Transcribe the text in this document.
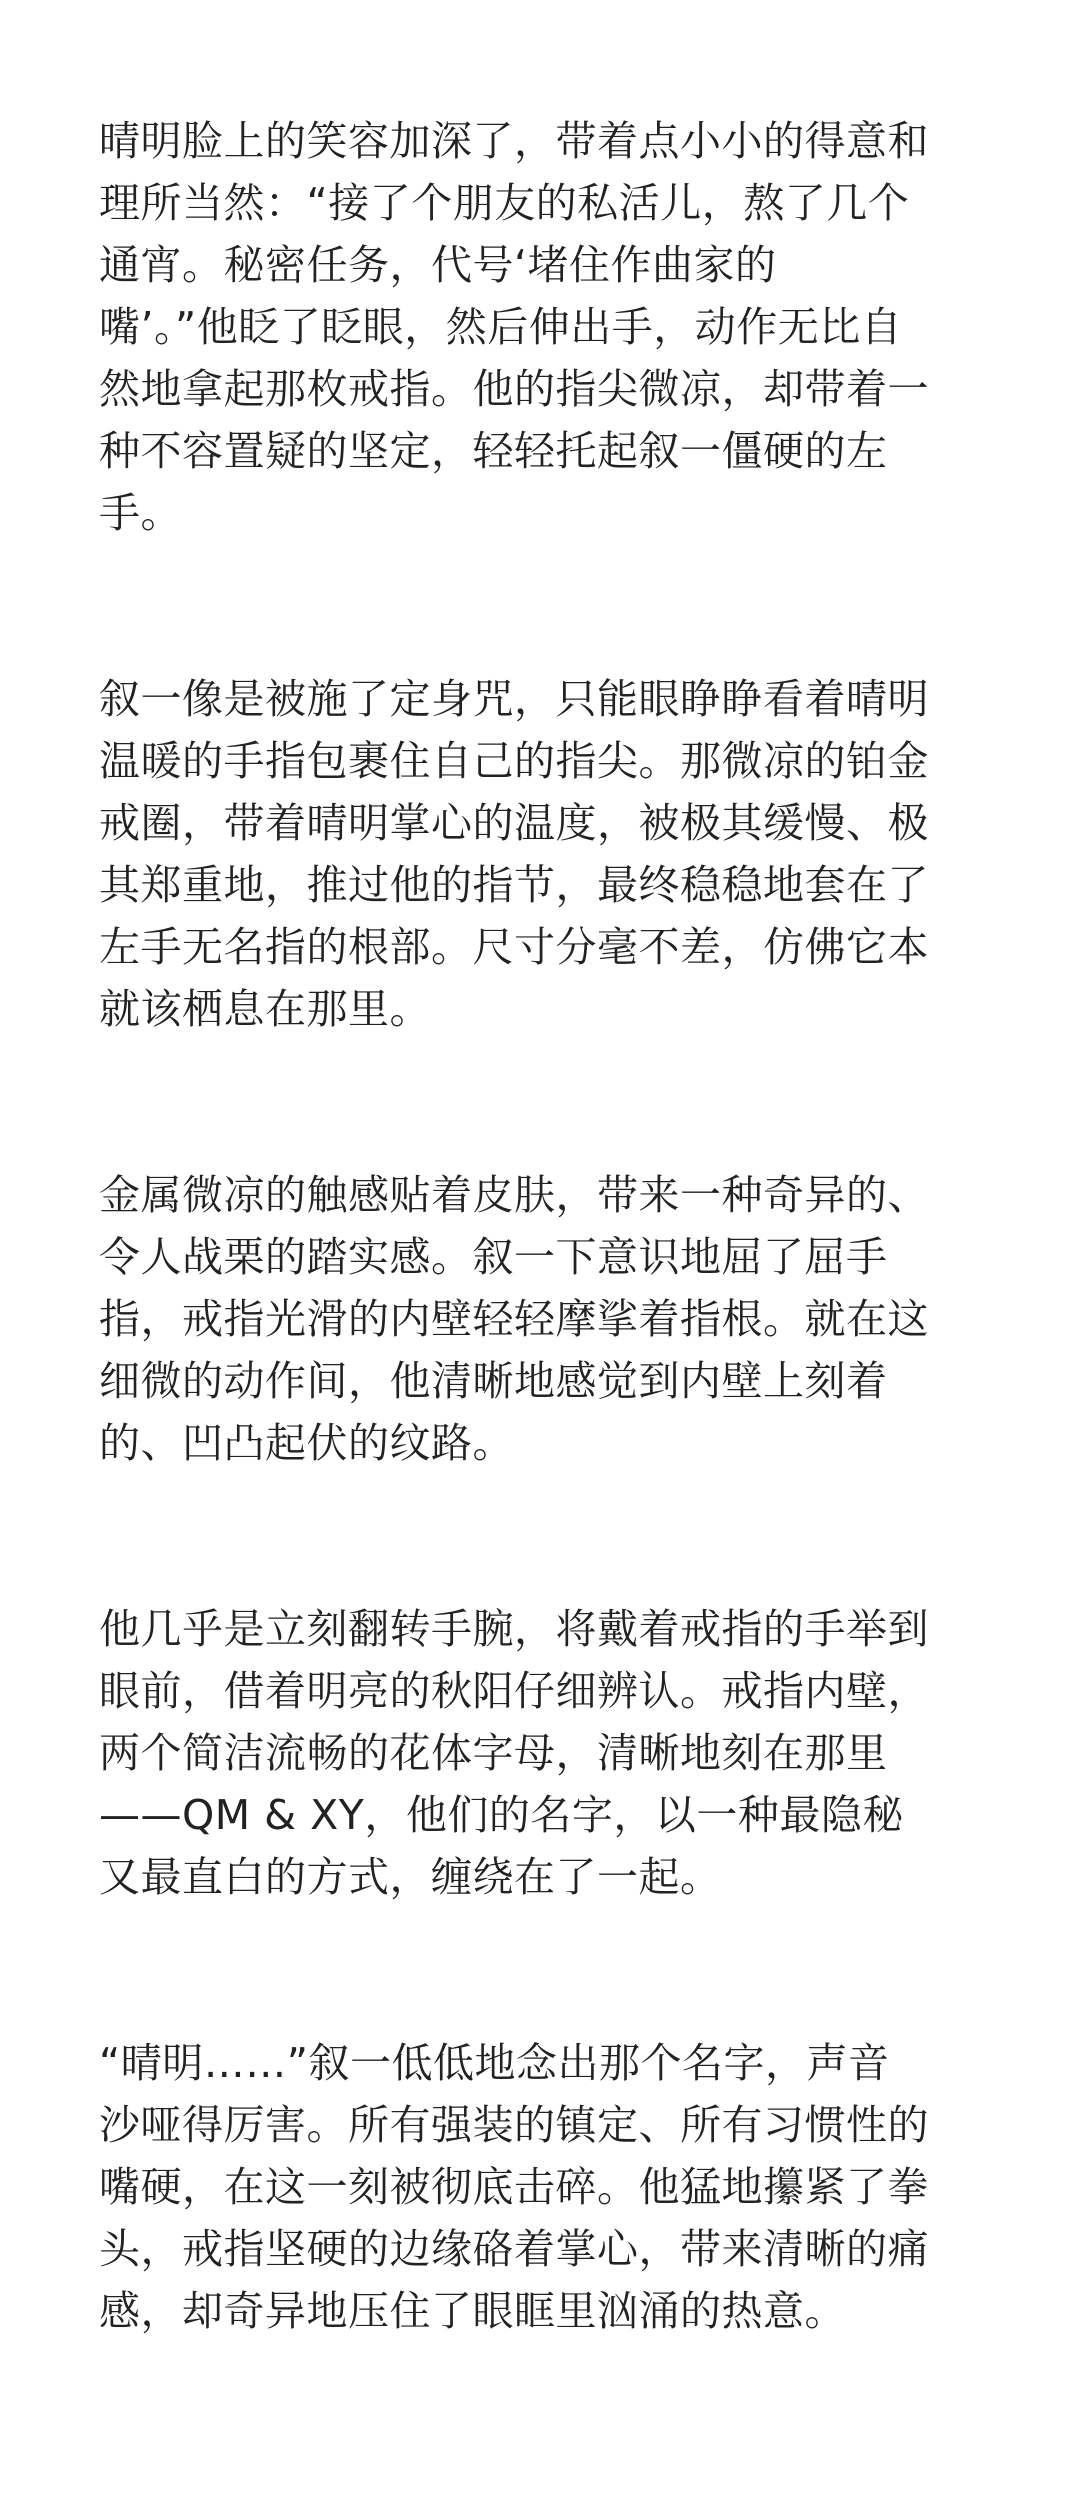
晴明脸上的笑容加深了，带着点小小的得意和
理所当然：“接了个朋友的私活儿，熬了几个
通宵。秘密任务，代号‘堵住作曲家的
嘴’。”他眨了眨眼，然后伸出手，动作无比自
然地拿起那枚戒指。他的指尖微凉，却带着一
种不容置疑的坚定，轻轻托起叙一僵硬的左
手。
叙一像是被施了定身咒，只能眼睁睁看着晴明
温暖的手指包裹住自己的指尖。那微凉的铂金
戒圈，带着晴明掌心的温度，被极其缓慢、极
其郑重地，推过他的指节，最终稳稳地套在了
左手无名指的根部。尺寸分毫不差，仿佛它本
就该栖息在那里。
金属微凉的触感贴着皮肤，带来一种奇异的、
令人战栗的踏实感。叙一下意识地屈了屈手
指，戒指光滑的内壁轻轻摩挲着指根。就在这
细微的动作间，他清晰地感觉到内壁上刻着
的、凹凸起伏的纹路。
他几乎是立刻翻转手腕，将戴着戒指的手举到
眼前，借着明亮的秋阳仔细辨认。戒指内壁，
两个简洁流畅的花体字母，清晰地刻在那里
——QM & XY，他们的名字，以一种最隐秘
又最直白的方式，缠绕在了一起。
“晴明……”叙一低低地念出那个名字，声音
沙哑得厉害。所有强装的镇定、所有习惯性的
嘴硬，在这一刻被彻底击碎。他猛地攥紧了拳
头，戒指坚硬的边缘硌着掌心，带来清晰的痛
感，却奇异地压住了眼眶里汹涌的热意。
